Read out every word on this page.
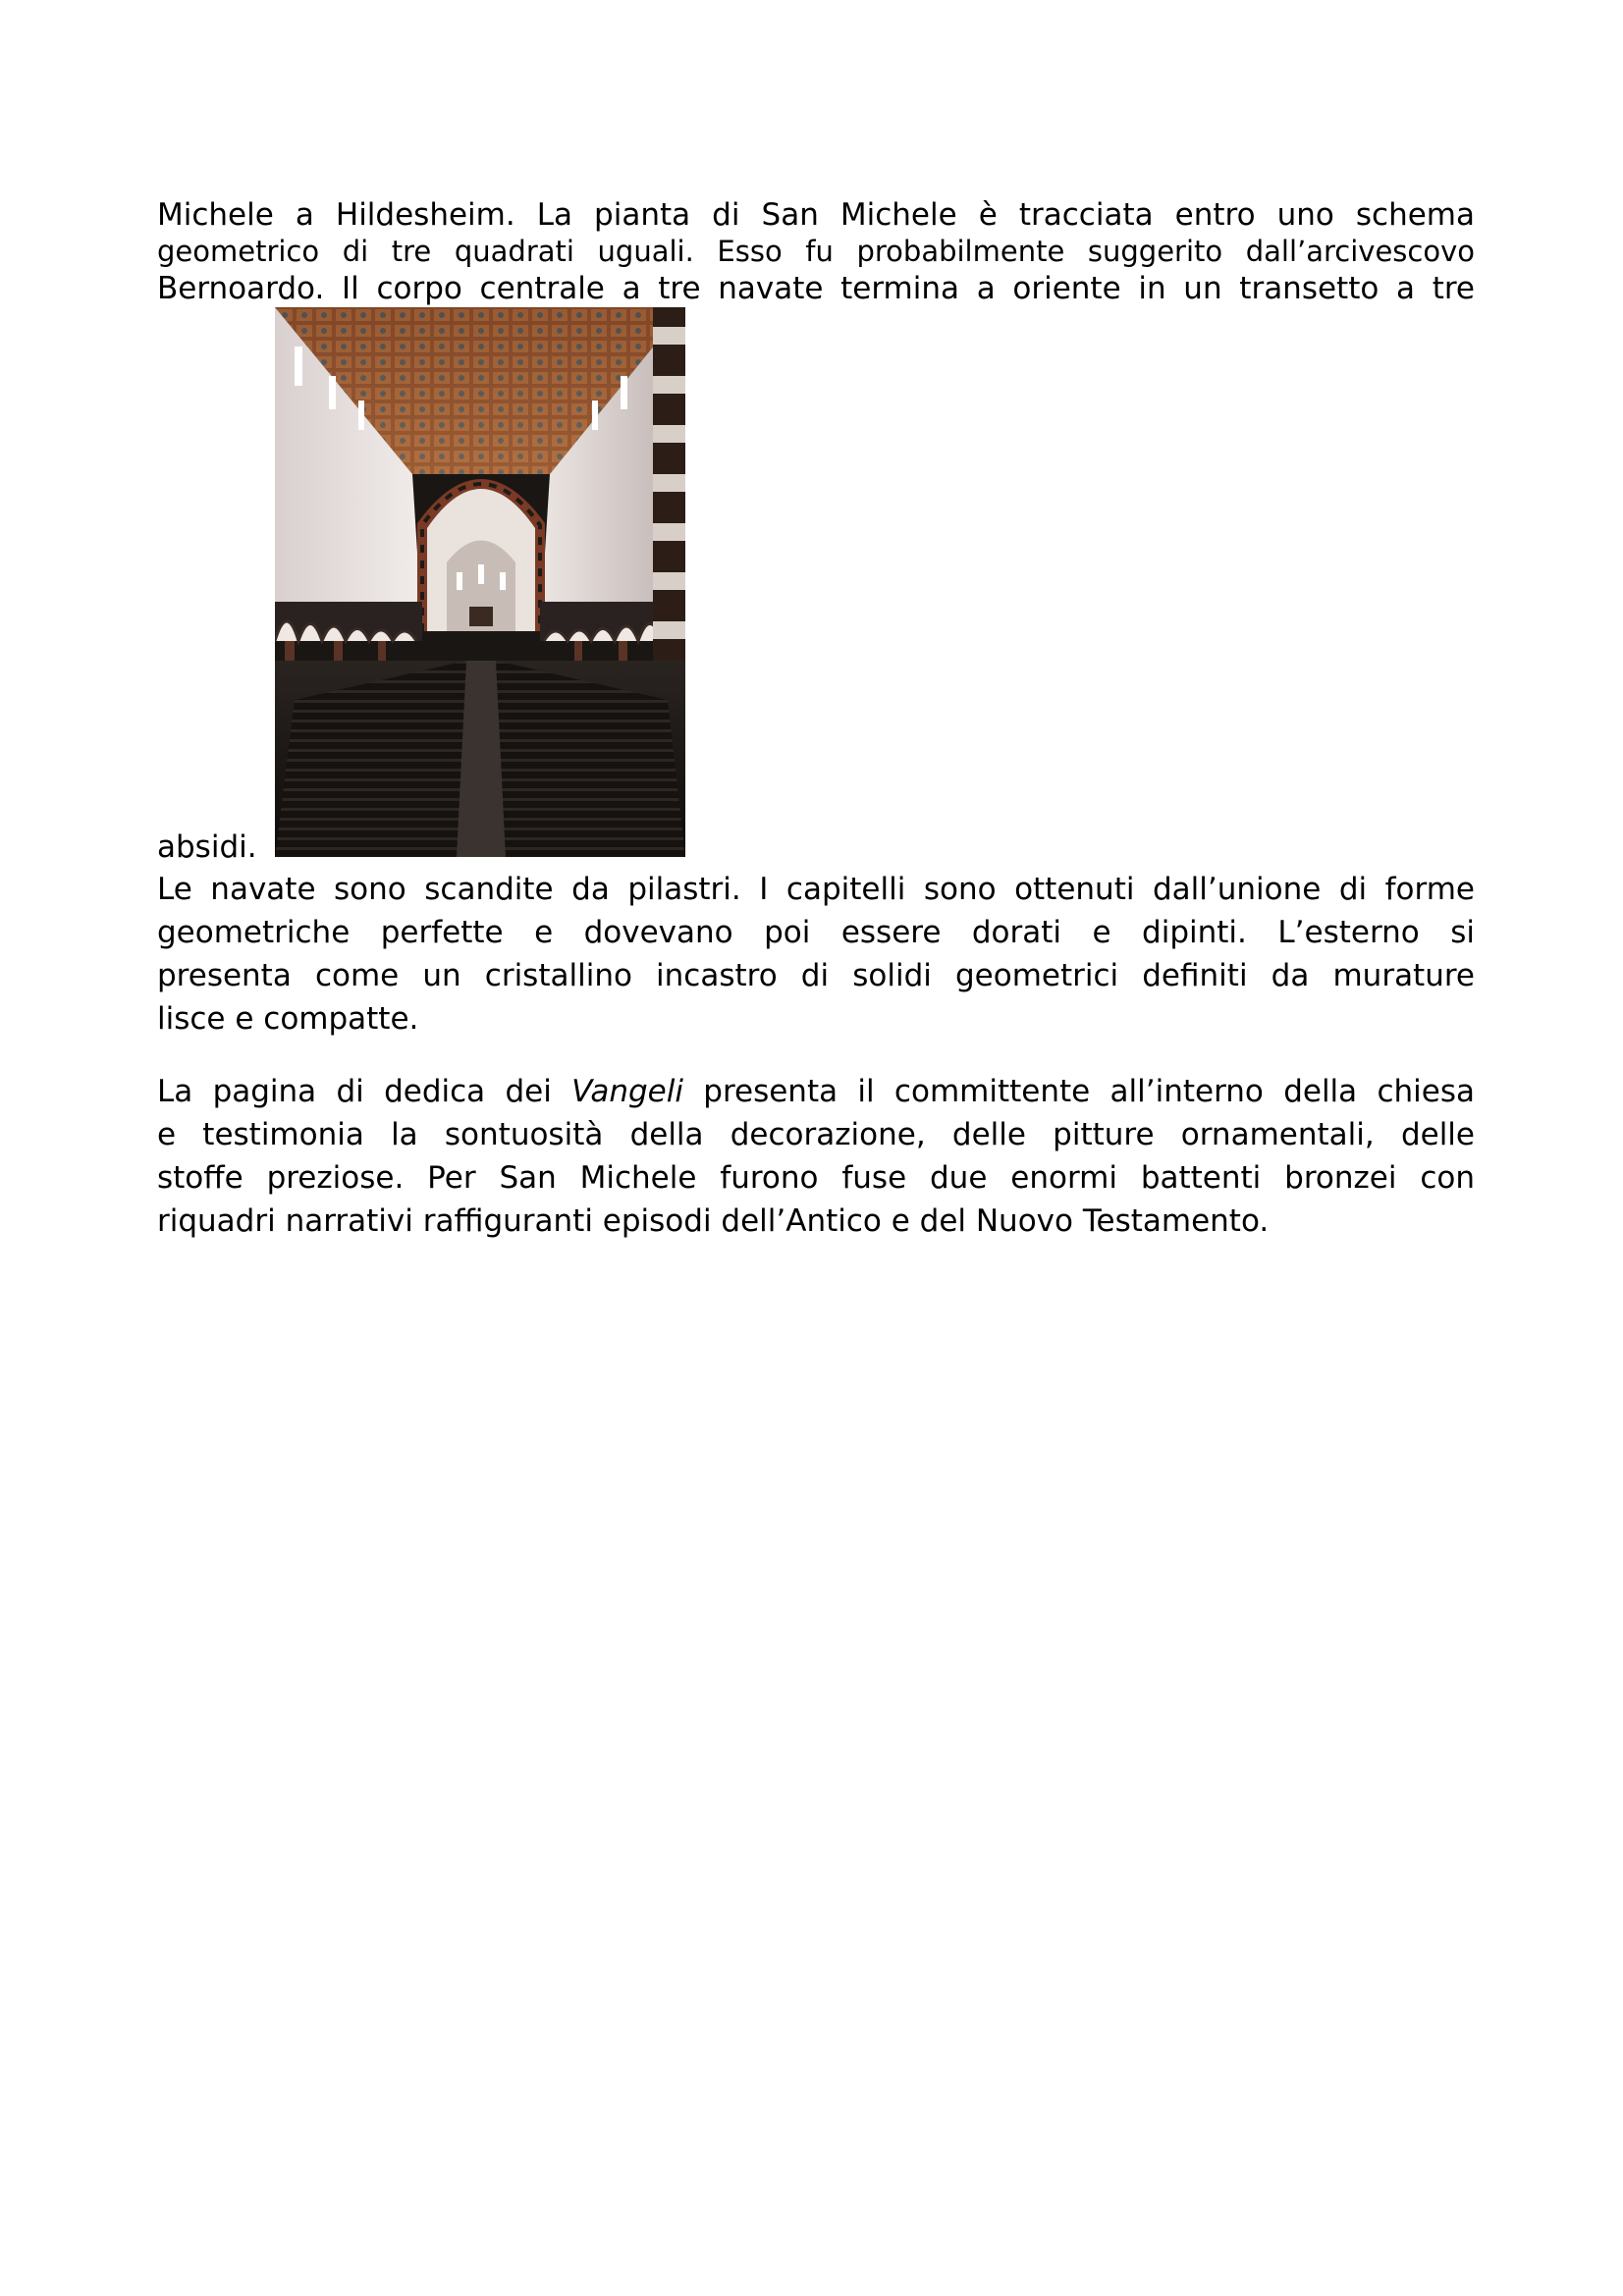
Michele a Hildesheim. La pianta di San Michele è tracciata entro uno schema
geometrico di tre quadrati uguali. Esso fu probabilmente suggerito dall’arcivescovo
Bernoardo. Il corpo centrale a tre navate termina a oriente in un transetto a tre
absidi.
Le navate sono scandite da pilastri. I capitelli sono ottenuti dall’unione di forme
geometriche perfette e dovevano poi essere dorati e dipinti. L’esterno si
presenta come un cristallino incastro di solidi geometrici definiti da murature
lisce e compatte.
La pagina di dedica dei Vangeli presenta il committente all’interno della chiesa
e testimonia la sontuosità della decorazione, delle pitture ornamentali, delle
stoffe preziose. Per San Michele furono fuse due enormi battenti bronzei con
riquadri narrativi raffiguranti episodi dell’Antico e del Nuovo Testamento.
